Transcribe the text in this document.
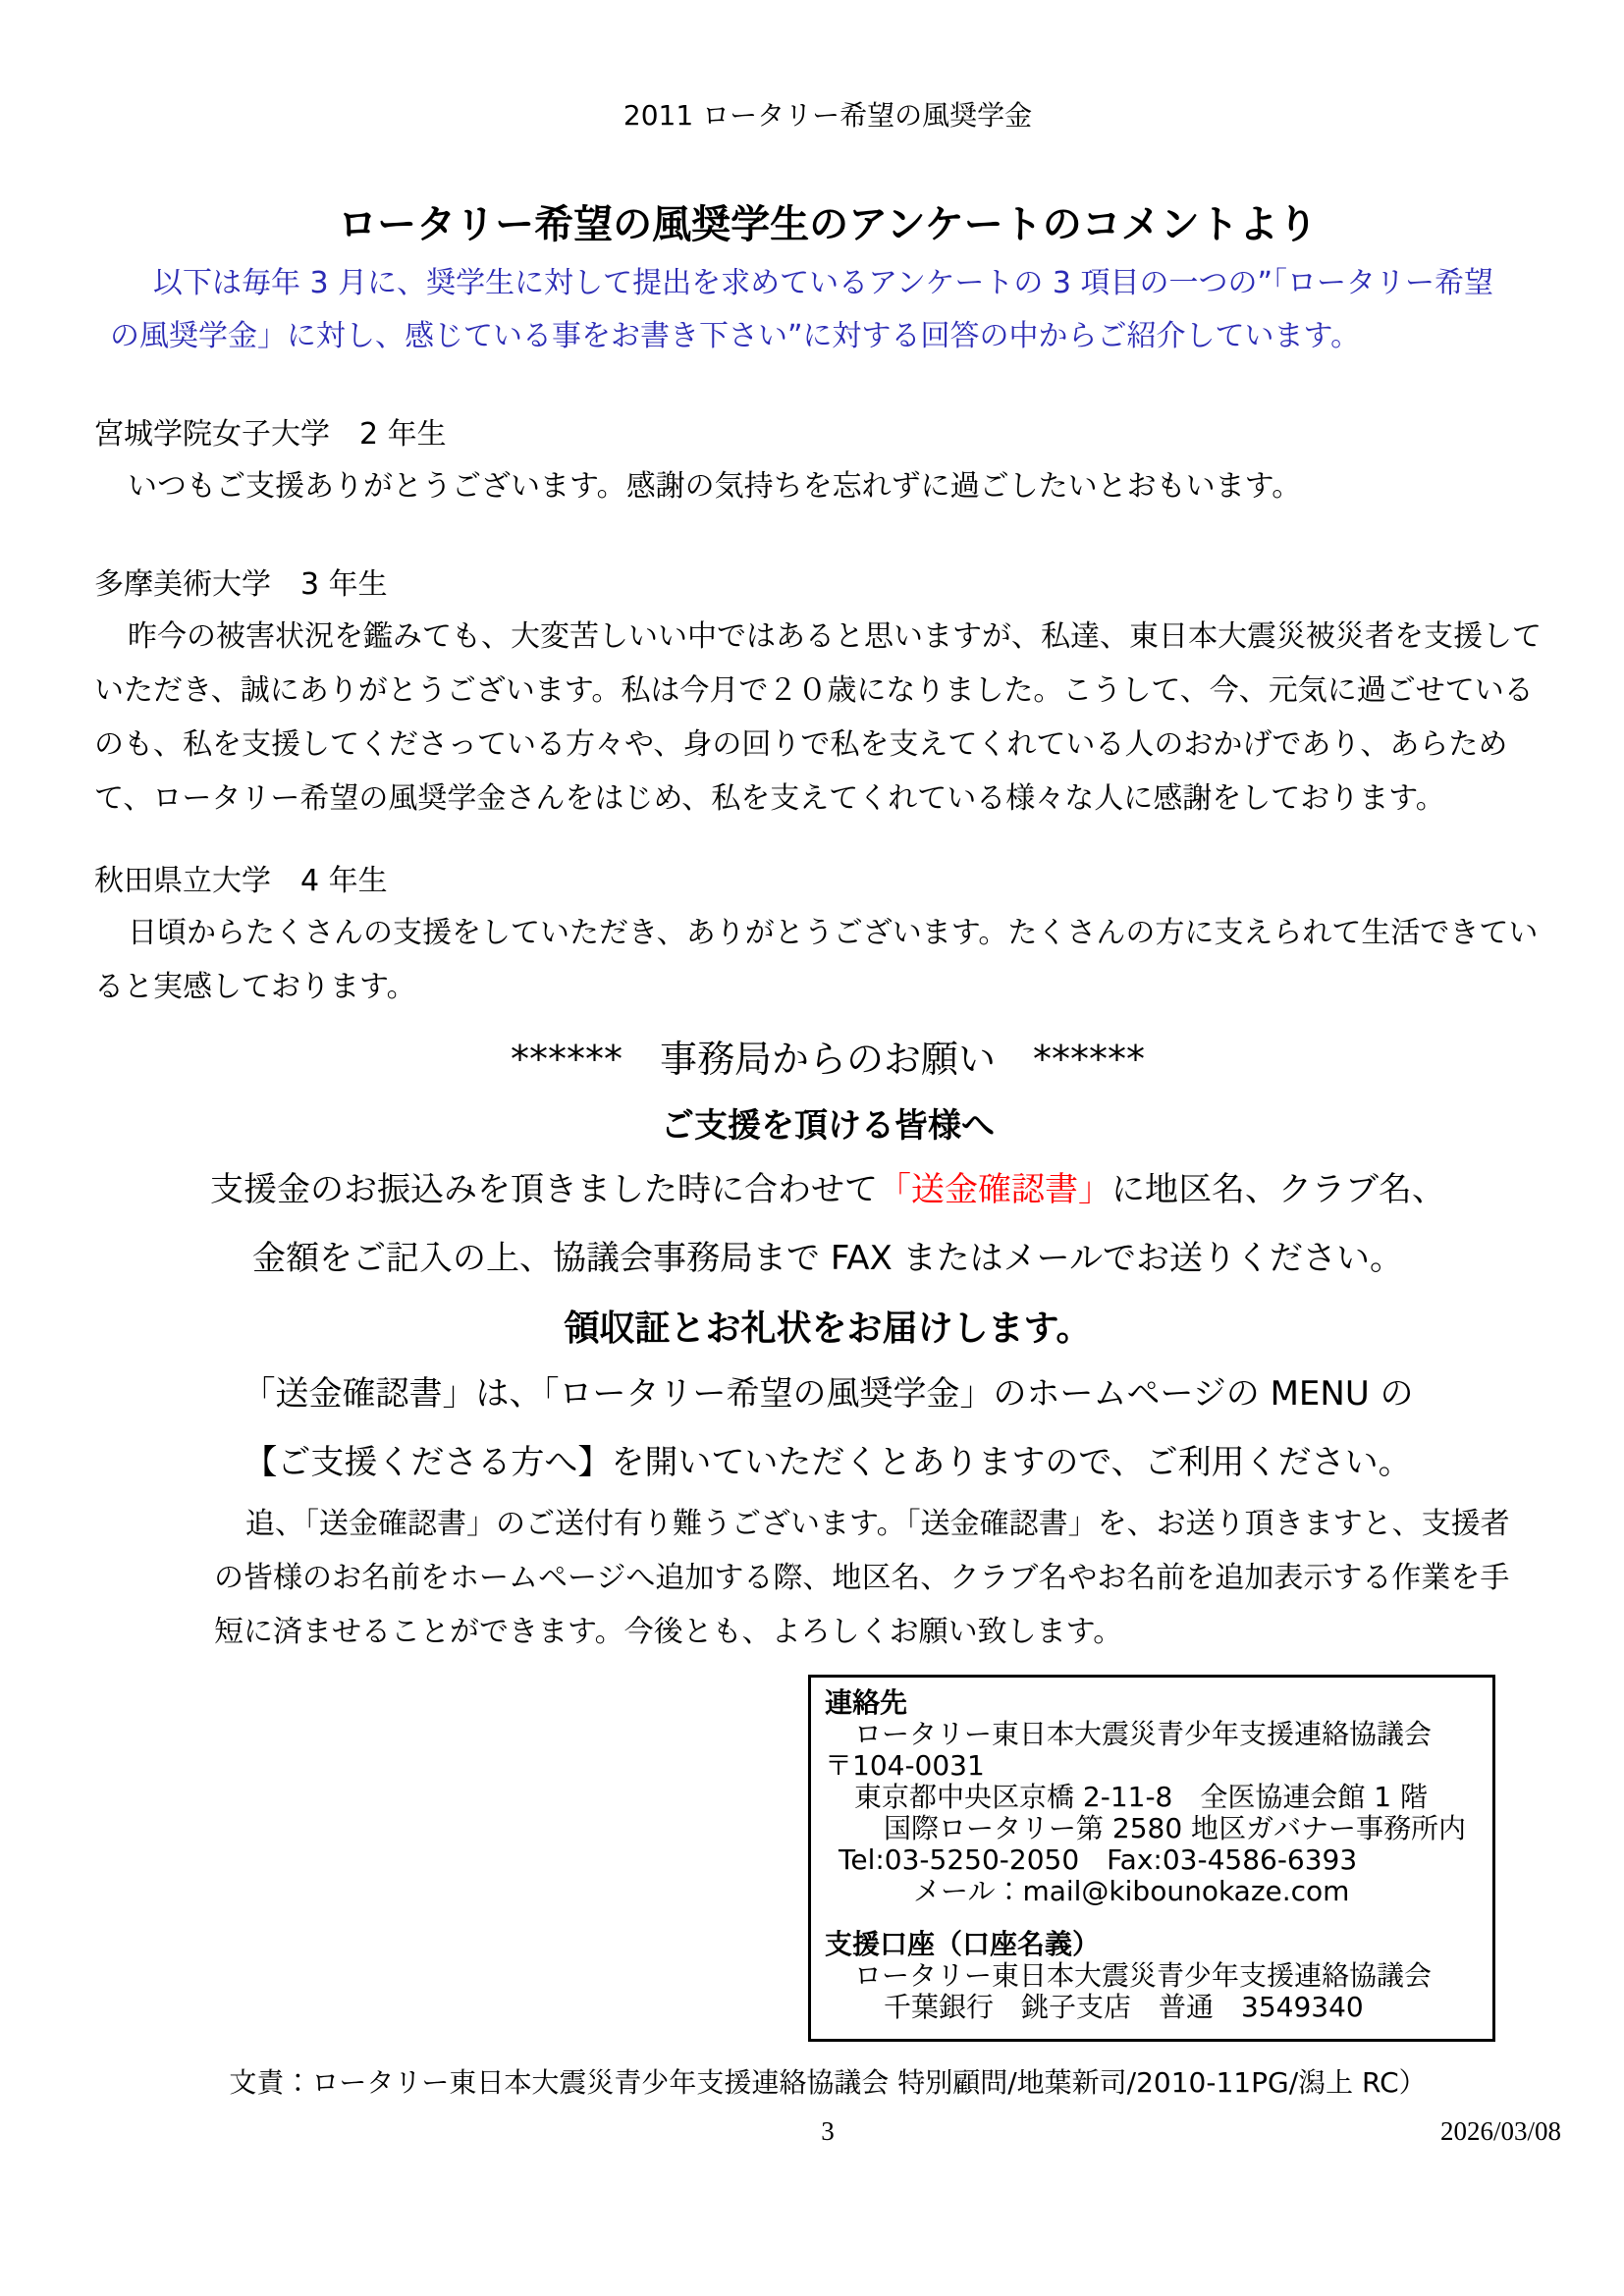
2011 ロータリー希望の風奨学金
ロータリー希望の風奨学生のアンケートのコメントより

以下は毎年 3 月に、奨学生に対して提出を求めているアンケートの 3 項目の一つの”「ロータリー希望の風奨学金」に対し、感じている事をお書き下さい”に対する回答の中からご紹介しています。

宮城学院女子大学　2 年生

いつもご支援ありがとうございます。感謝の気持ちを忘れずに過ごしたいとおもいます。

多摩美術大学　3 年生

昨今の被害状況を鑑みても、大変苦しいい中ではあると思いますが、私達、東日本大震災被災者を支援していただき、誠にありがとうございます。私は今月で２０歳になりました。こうして、今、元気に過ごせているのも、私を支援してくださっている方々や、身の回りで私を支えてくれている人のおかげであり、あらためて、ロータリー希望の風奨学金さんをはじめ、私を支えてくれている様々な人に感謝をしております。

秋田県立大学　4 年生

日頃からたくさんの支援をしていただき、ありがとうございます。たくさんの方に支えられて生活できていると実感しております。

******　事務局からのお願い　******
ご支援を頂ける皆様へ
支援金のお振込みを頂きました時に合わせて「送金確認書」に地区名、クラブ名、
金額をご記入の上、協議会事務局まで FAX またはメールでお送りください。
領収証とお礼状をお届けします。
「送金確認書」は、「ロータリー希望の風奨学金」のホームページの MENU の
【ご支援くださる方へ】を開いていただくとありますので、ご利用ください。

追、「送金確認書」のご送付有り難うございます。「送金確認書」を、お送り頂きますと、支援者の皆様のお名前をホームページへ追加する際、地区名、クラブ名やお名前を追加表示する作業を手短に済ませることができます。今後とも、よろしくお願い致します。

連絡先
ロータリー東日本大震災青少年支援連絡協議会
〒104-0031
東京都中央区京橋 2-11-8　全医協連会館 1 階
国際ロータリー第 2580 地区ガバナー事務所内
Tel:03-5250-2050　Fax:03-4586-6393
メール：mail@kibounokaze.com
支援口座（口座名義）
ロータリー東日本大震災青少年支援連絡協議会
千葉銀行　銚子支店　普通　3549340
文責：ロータリー東日本大震災青少年支援連絡協議会 特別顧問/地葉新司/2010-11PG/潟上 RC）
3	2026/03/08
